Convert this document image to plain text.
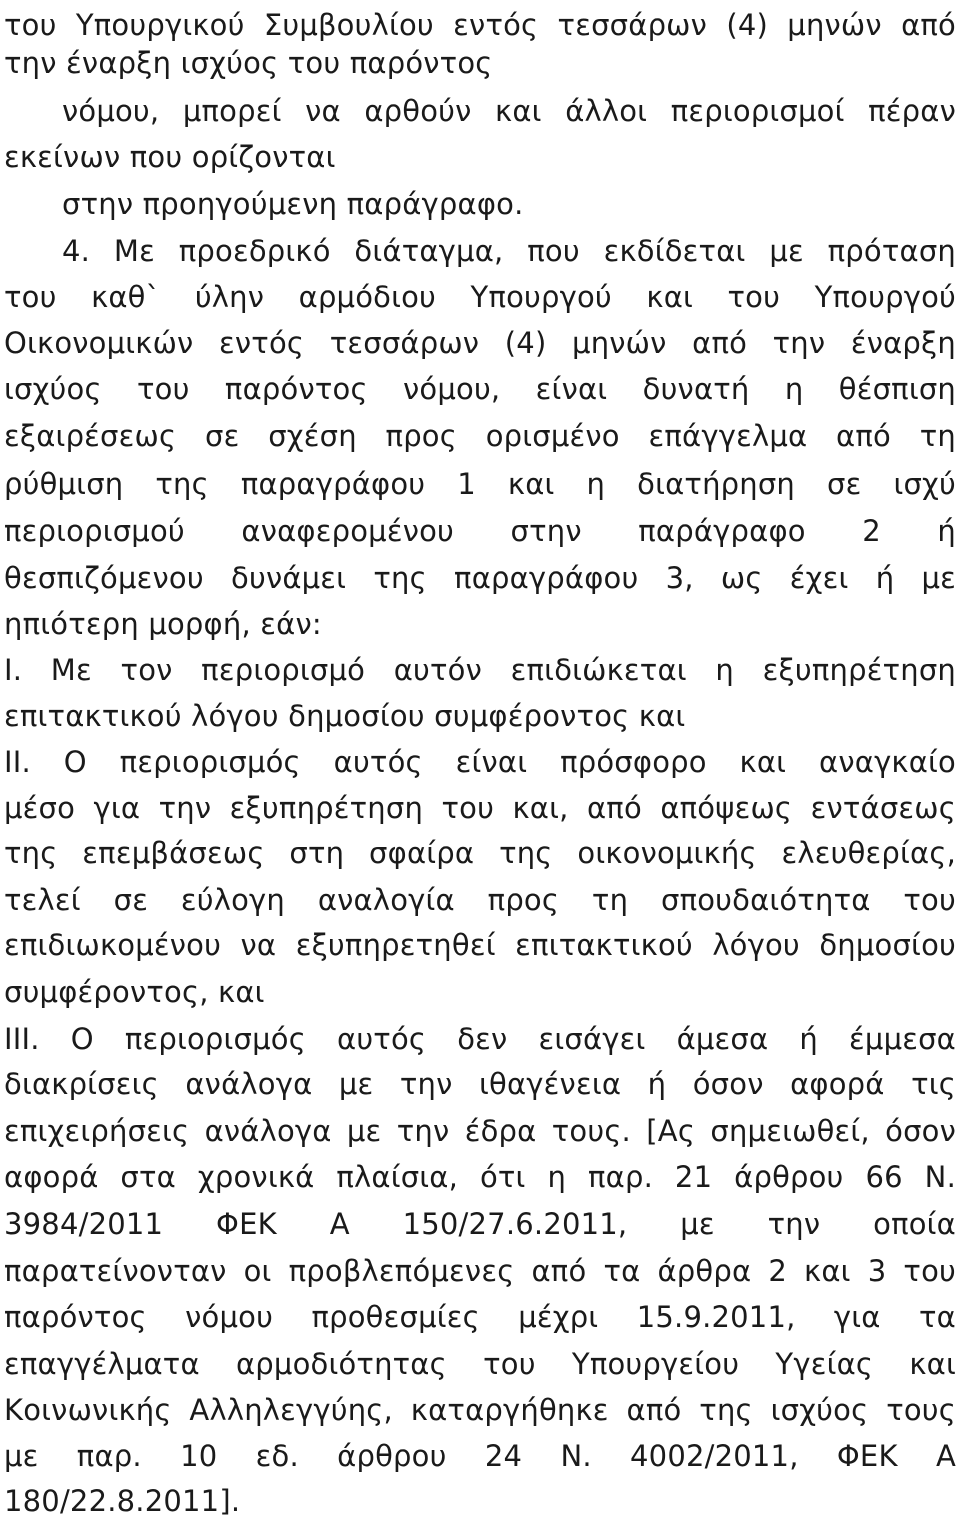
του Υπουργικού Συμβουλίου εντός τεσσάρων (4) μηνών από
την έναρξη ισχύος του παρόντος
νόμου, μπορεί να αρθούν και άλλοι περιορισμοί πέραν
εκείνων που ορίζονται
στην προηγούμενη παράγραφο.
4. Με προεδρικό διάταγμα, που εκδίδεται με πρόταση
του καθ` ύλην αρμόδιου Υπουργού και του Υπουργού
Οικονομικών εντός τεσσάρων (4) μηνών από την έναρξη
ισχύος του παρόντος νόμου, είναι δυνατή η θέσπιση
εξαιρέσεως σε σχέση προς ορισμένο επάγγελμα από τη
ρύθμιση της παραγράφου 1 και η διατήρηση σε ισχύ
περιορισμού αναφερομένου στην παράγραφο 2 ή
θεσπιζόμενου δυνάμει της παραγράφου 3, ως έχει ή με
ηπιότερη μορφή, εάν:
I. Με τον περιορισμό αυτόν επιδιώκεται η εξυπηρέτηση
επιτακτικού λόγου δημοσίου συμφέροντος και
II. Ο περιορισμός αυτός είναι πρόσφορο και αναγκαίο
μέσο για την εξυπηρέτηση του και, από απόψεως εντάσεως
της επεμβάσεως στη σφαίρα της οικονομικής ελευθερίας,
τελεί σε εύλογη αναλογία προς τη σπουδαιότητα του
επιδιωκομένου να εξυπηρετηθεί επιτακτικού λόγου δημοσίου
συμφέροντος, και
III. Ο περιορισμός αυτός δεν εισάγει άμεσα ή έμμεσα
διακρίσεις ανάλογα με την ιθαγένεια ή όσον αφορά τις
επιχειρήσεις ανάλογα με την έδρα τους. [Ας σημειωθεί, όσον
αφορά στα χρονικά πλαίσια, ότι η παρ. 21 άρθρου 66 Ν.
3984/2011 ΦΕΚ Α 150/27.6.2011, με την οποία
παρατείνονταν οι προβλεπόμενες από τα άρθρα 2 και 3 του
παρόντος νόμου προθεσμίες μέχρι 15.9.2011, για τα
επαγγέλματα αρμοδιότητας του Υπουργείου Υγείας και
Κοινωνικής Αλληλεγγύης, καταργήθηκε από της ισχύος τους
με παρ. 10 εδ. άρθρου 24 Ν. 4002/2011, ΦΕΚ Α
180/22.8.2011].
